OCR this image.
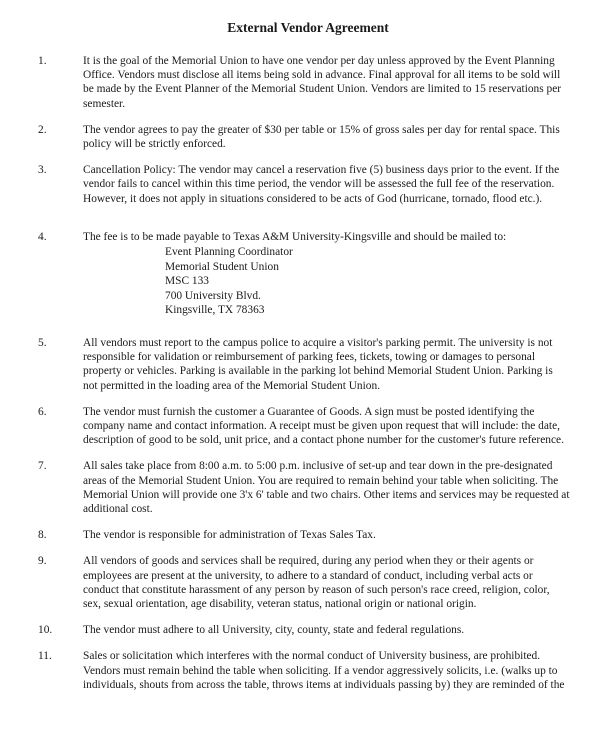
External Vendor Agreement
1.	It is the goal of the Memorial Union to have one vendor per day unless approved by the Event Planning Office. Vendors must disclose all items being sold in advance. Final approval for all items to be sold will be made by the Event Planner of the Memorial Student Union. Vendors are limited to 15 reservations per semester.
2.	The vendor agrees to pay the greater of $30 per table or 15% of gross sales per day for rental space. This policy will be strictly enforced.
3.	Cancellation Policy: The vendor may cancel a reservation five (5) business days prior to the event. If the vendor fails to cancel within this time period, the vendor will be assessed the full fee of the reservation. However, it does not apply in situations considered to be acts of God (hurricane, tornado, flood etc.).
4.	The fee is to be made payable to Texas A&M University-Kingsville and should be mailed to:
Event Planning Coordinator
Memorial Student Union
MSC 133
700 University Blvd.
Kingsville, TX 78363
5.	All vendors must report to the campus police to acquire a visitor's parking permit. The university is not responsible for validation or reimbursement of parking fees, tickets, towing or damages to personal property or vehicles. Parking is available in the parking lot behind Memorial Student Union. Parking is not permitted in the loading area of the Memorial Student Union.
6.	The vendor must furnish the customer a Guarantee of Goods. A sign must be posted identifying the company name and contact information. A receipt must be given upon request that will include: the date, description of good to be sold, unit price, and a contact phone number for the customer's future reference.
7.	All sales take place from 8:00 a.m. to 5:00 p.m. inclusive of set-up and tear down in the pre-designated areas of the Memorial Student Union. You are required to remain behind your table when soliciting. The Memorial Union will provide one 3'x 6' table and two chairs. Other items and services may be requested at additional cost.
8.	The vendor is responsible for administration of Texas Sales Tax.
9.	All vendors of goods and services shall be required, during any period when they or their agents or employees are present at the university, to adhere to a standard of conduct, including verbal acts or conduct that constitute harassment of any person by reason of such person's race creed, religion, color, sex, sexual orientation, age disability, veteran status, national origin or national origin.
10.	The vendor must adhere to all University, city, county, state and federal regulations.
11.	Sales or solicitation which interferes with the normal conduct of University business, are prohibited. Vendors must remain behind the table when soliciting. If a vendor aggressively solicits, i.e. (walks up to individuals, shouts from across the table, throws items at individuals passing by) they are reminded of the
